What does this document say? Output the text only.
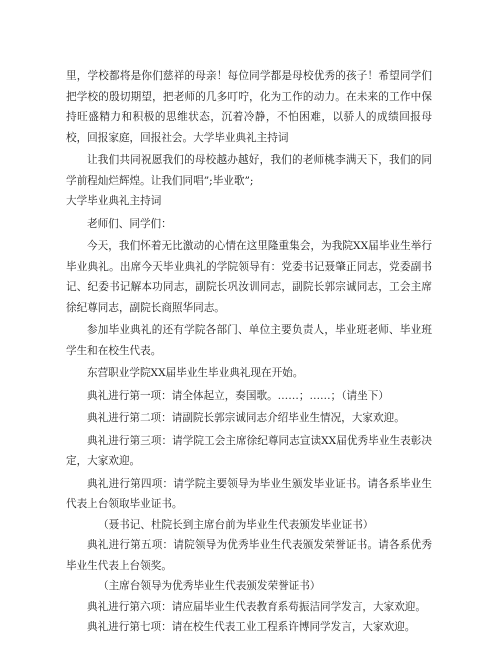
里，学校都将是你们慈祥的母亲！每位同学都是母校优秀的孩子！希望同学们把学校的殷切期望，把老师的几多叮咛，化为工作的动力。在未来的工作中保持旺盛精力和积极的思维状态，沉着冷静，不怕困难，以骄人的成绩回报母校，回报家庭，回报社会。大学毕业典礼主持词

让我们共同祝愿我们的母校越办越好，我们的老师桃李满天下，我们的同学前程灿烂辉煌。让我们同唱”;毕业歌”;

大学毕业典礼主持词

老师们、同学们：

今天，我们怀着无比激动的心情在这里隆重集会，为我院XX届毕业生举行毕业典礼。出席今天毕业典礼的学院领导有：党委书记聂肇正同志，党委副书记、纪委书记解本功同志，副院长巩汝训同志，副院长郭宗诚同志，工会主席徐纪尊同志，副院长商照华同志。

参加毕业典礼的还有学院各部门、单位主要负责人，毕业班老师、毕业班学生和在校生代表。

东营职业学院XX届毕业生毕业典礼现在开始。

典礼进行第一项：请全体起立，奏国歌。……；……；（请坐下）

典礼进行第二项：请副院长郭宗诚同志介绍毕业生情况，大家欢迎。

典礼进行第三项：请学院工会主席徐纪尊同志宣读XX届优秀毕业生表彰决定，大家欢迎。

典礼进行第四项：请学院主要领导为毕业生颁发毕业证书。请各系毕业生代表上台领取毕业证书。

（聂书记、杜院长到主席台前为毕业生代表颁发毕业证书）

典礼进行第五项：请院领导为优秀毕业生代表颁发荣誉证书。请各系优秀毕业生代表上台领奖。

（主席台领导为优秀毕业生代表颁发荣誉证书）

典礼进行第六项：请应届毕业生代表教育系苟振洁同学发言，大家欢迎。

典礼进行第七项：请在校生代表工业工程系许博同学发言，大家欢迎。
